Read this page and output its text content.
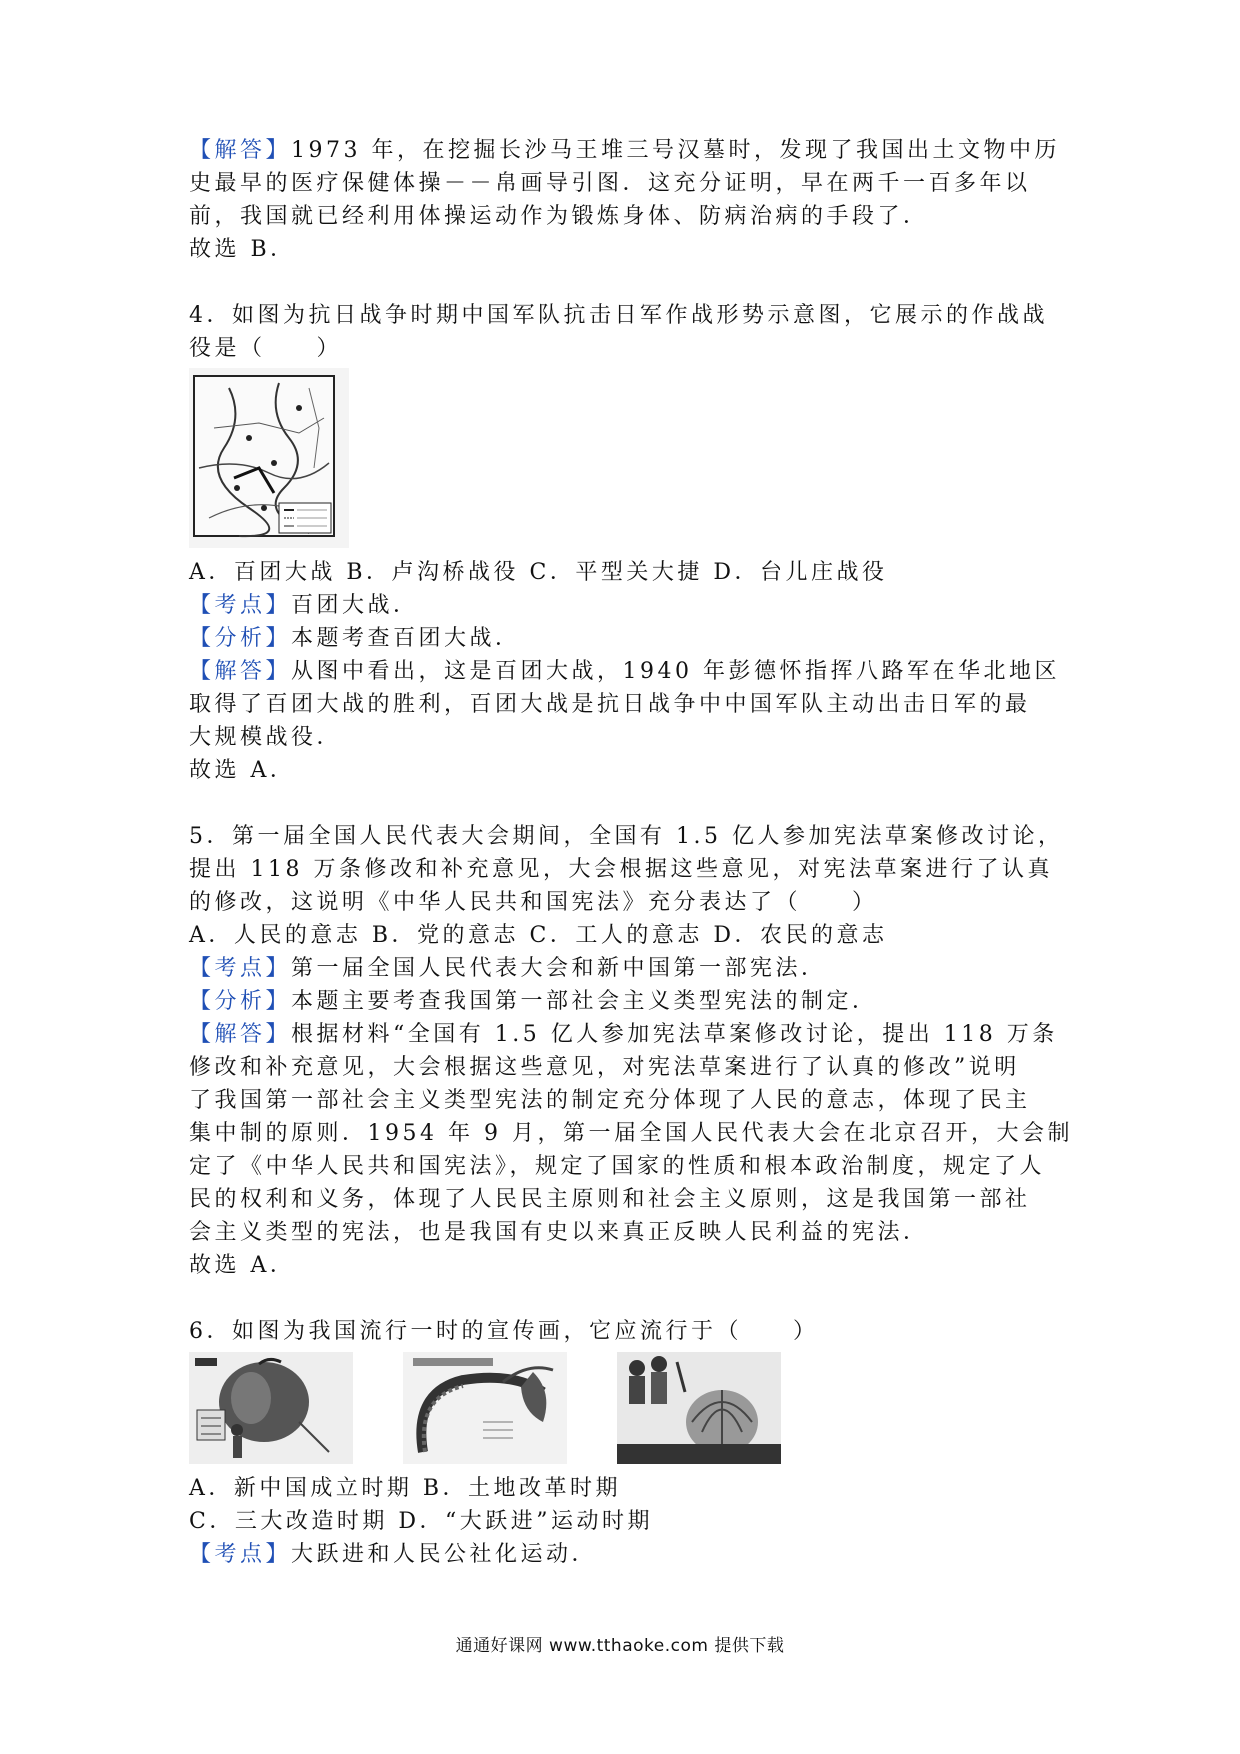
【解答】1973 年，在挖掘长沙马王堆三号汉墓时，发现了我国出土文物中历
史最早的医疗保健体操－－帛画导引图．这充分证明，早在两千一百多年以
前，我国就已经利用体操运动作为锻炼身体、防病治病的手段了．
故选 B．
4．如图为抗日战争时期中国军队抗击日军作战形势示意图，它展示的作战战
役是（　　）
A．百团大战 B．卢沟桥战役 C．平型关大捷 D．台儿庄战役
【考点】百团大战．
【分析】本题考查百团大战．
【解答】从图中看出，这是百团大战，1940 年彭德怀指挥八路军在华北地区
取得了百团大战的胜利，百团大战是抗日战争中中国军队主动出击日军的最
大规模战役．
故选 A．
5．第一届全国人民代表大会期间，全国有 1.5 亿人参加宪法草案修改讨论，
提出 118 万条修改和补充意见，大会根据这些意见，对宪法草案进行了认真
的修改，这说明《中华人民共和国宪法》充分表达了（　　）
A．人民的意志 B．党的意志 C．工人的意志 D．农民的意志
【考点】第一届全国人民代表大会和新中国第一部宪法．
【分析】本题主要考查我国第一部社会主义类型宪法的制定．
【解答】根据材料“全国有 1.5 亿人参加宪法草案修改讨论，提出 118 万条
修改和补充意见，大会根据这些意见，对宪法草案进行了认真的修改”说明
了我国第一部社会主义类型宪法的制定充分体现了人民的意志，体现了民主
集中制的原则．1954 年 9 月，第一届全国人民代表大会在北京召开，大会制
定了《中华人民共和国宪法》，规定了国家的性质和根本政治制度，规定了人
民的权利和义务，体现了人民民主原则和社会主义原则，这是我国第一部社
会主义类型的宪法，也是我国有史以来真正反映人民利益的宪法．
故选 A．
6．如图为我国流行一时的宣传画，它应流行于（　　）
A．新中国成立时期 B．土地改革时期
C．三大改造时期 D．“大跃进”运动时期
【考点】大跃进和人民公社化运动．
通通好课网 www.tthaoke.com 提供下载
